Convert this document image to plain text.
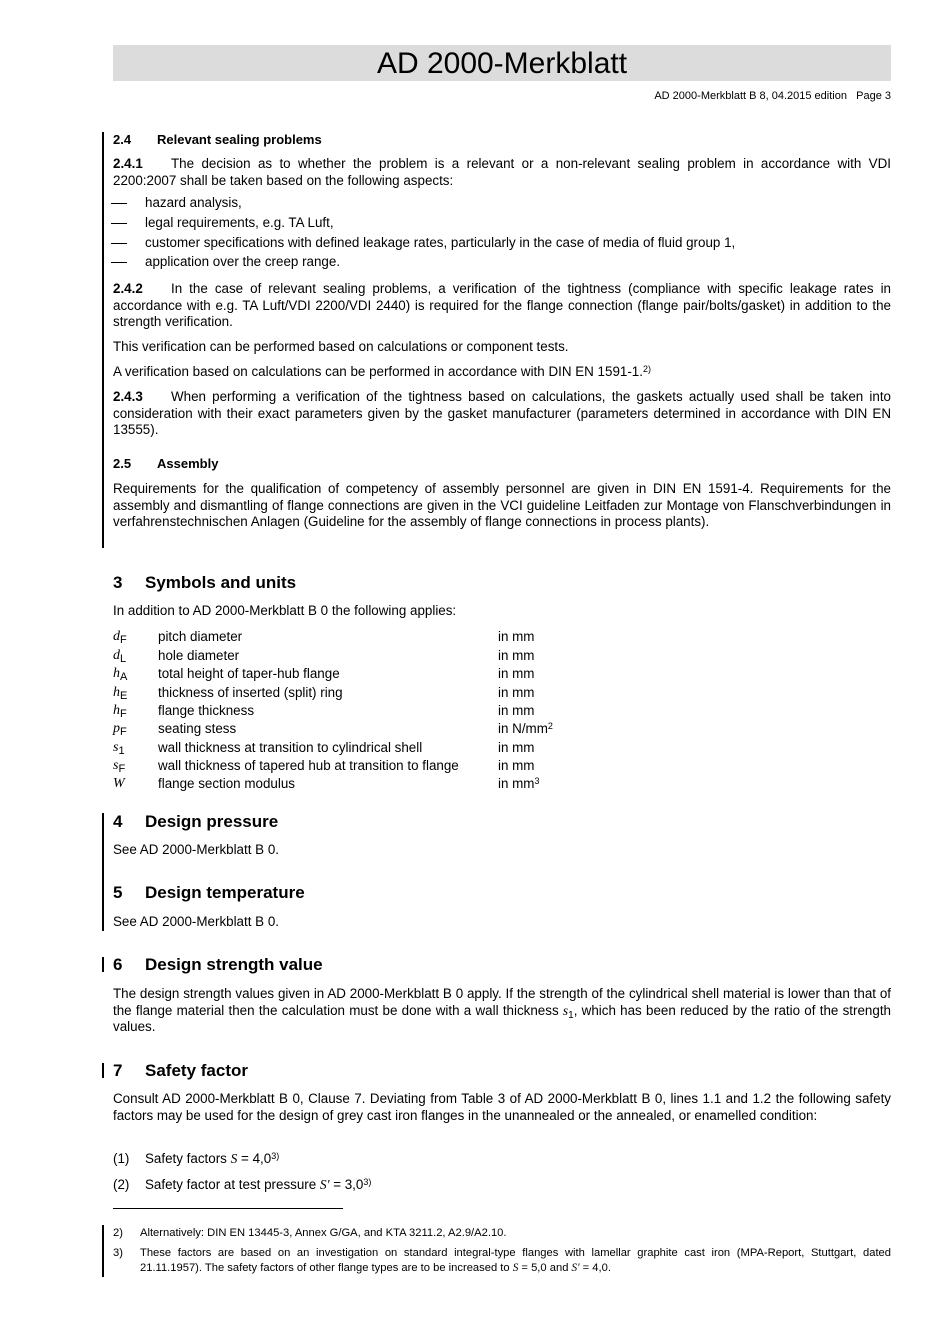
AD 2000-Merkblatt
AD 2000-Merkblatt B 8, 04.2015 edition   Page 3
2.4 Relevant sealing problems
2.4.1 The decision as to whether the problem is a relevant or a non-relevant sealing problem in accordance with VDI 2200:2007 shall be taken based on the following aspects:
hazard analysis,
legal requirements, e.g. TA Luft,
customer specifications with defined leakage rates, particularly in the case of media of fluid group 1,
application over the creep range.
2.4.2 In the case of relevant sealing problems, a verification of the tightness (compliance with specific leakage rates in accordance with e.g. TA Luft/VDI 2200/VDI 2440) is required for the flange connection (flange pair/bolts/gasket) in addition to the strength verification.
This verification can be performed based on calculations or component tests.
A verification based on calculations can be performed in accordance with DIN EN 1591-1.$^{2)}$
2.4.3 When performing a verification of the tightness based on calculations, the gaskets actually used shall be taken into consideration with their exact parameters given by the gasket manufacturer (parameters determined in accordance with DIN EN 13555).
2.5 Assembly
Requirements for the qualification of competency of assembly personnel are given in DIN EN 1591-4. Requirements for the assembly and dismantling of flange connections are given in the VCI guideline Leitfaden zur Montage von Flanschverbindungen in verfahrenstechnischen Anlagen (Guideline for the assembly of flange connections in process plants).
3 Symbols and units
In addition to AD 2000-Merkblatt B 0 the following applies:
$d_F$ pitch diameter	in mm
$d_L$ hole diameter	in mm
$h_A$ total height of taper-hub flange	in mm
$h_E$ thickness of inserted (split) ring	in mm
$h_F$ flange thickness	in mm
$p_F$ seating stess	in $N/mm^2$
$s_1$ wall thickness at transition to cylindrical shell	in mm
$s_F$ wall thickness of tapered hub at transition to flange	in mm
W flange section modulus	in $mm^3$
4 Design pressure
See AD 2000-Merkblatt B 0.
5 Design temperature
See AD 2000-Merkblatt B 0.
6 Design strength value
The design strength values given in AD 2000-Merkblatt B 0 apply. If the strength of the cylindrical shell material is lower than that of the flange material then the calculation must be done with a wall thickness $s_1$, which has been reduced by the ratio of the strength values.
7 Safety factor
Consult AD 2000-Merkblatt B 0, Clause 7. Deviating from Table 3 of AD 2000-Merkblatt B 0, lines 1.1 and 1.2 the following safety factors may be used for the design of grey cast iron flanges in the unannealed or the annealed, or enamelled condition:
(1) Safety factors $S = 4,0^{3)}$
(2) Safety factor at test pressure $S' = 3,0^{3)}$
2) Alternatively: DIN EN 13445-3, Annex G/GA, and KTA 3211.2, A2.9/A2.10.
3) These factors are based on an investigation on standard integral-type flanges with lamellar graphite cast iron (MPA-Report, Stuttgart, dated 21.11.1957). The safety factors of other flange types are to be increased to S = 5,0 and S' = 4,0.
